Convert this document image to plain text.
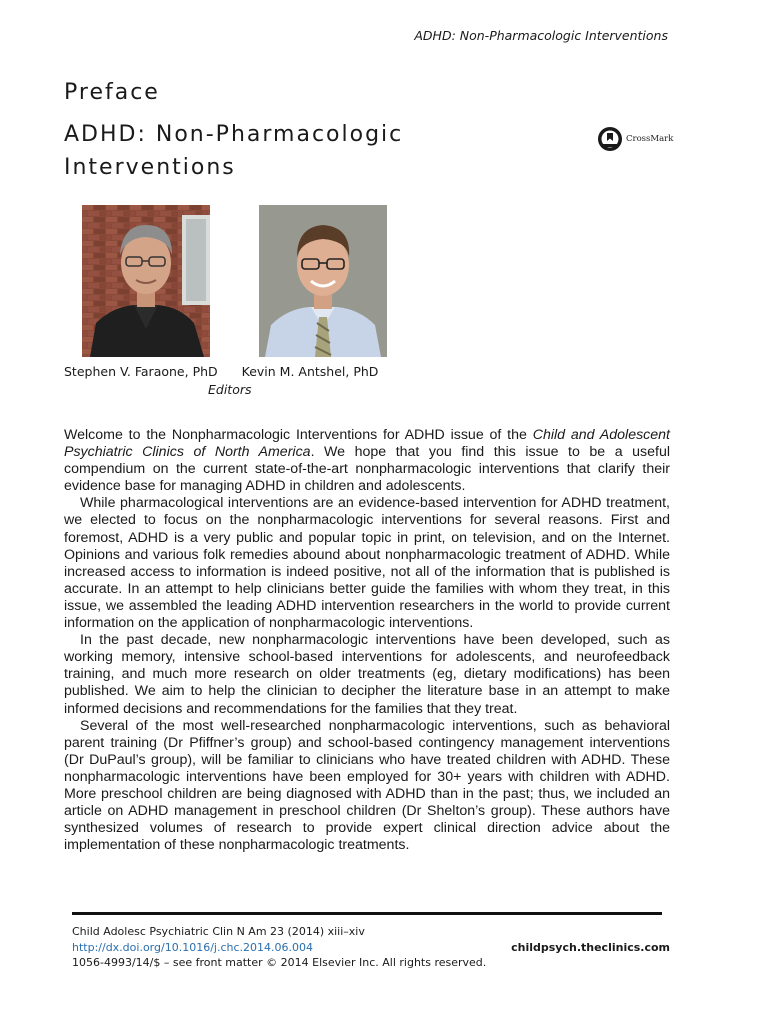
ADHD: Non-Pharmacologic Interventions
Preface
ADHD: Non-Pharmacologic Interventions
CrossMark
Stephen V. Faraone, PhD Kevin M. Antshel, PhD
Editors

Welcome to the Nonpharmacologic Interventions for ADHD issue of the Child and Adolescent Psychiatric Clinics of North America. We hope that you find this issue to be a useful compendium on the current state-of-the-art nonpharmacologic interventions that clarify their evidence base for managing ADHD in children and adolescents.

While pharmacological interventions are an evidence-based intervention for ADHD treatment, we elected to focus on the nonpharmacologic interventions for several reasons. First and foremost, ADHD is a very public and popular topic in print, on television, and on the Internet. Opinions and various folk remedies abound about nonpharmacologic treatment of ADHD. While increased access to information is indeed positive, not all of the information that is published is accurate. In an attempt to help clinicians better guide the families with whom they treat, in this issue, we assembled the leading ADHD intervention researchers in the world to provide current information on the application of nonpharmacologic interventions.

In the past decade, new nonpharmacologic interventions have been developed, such as working memory, intensive school-based interventions for adolescents, and neurofeedback training, and much more research on older treatments (eg, dietary modifications) has been published. We aim to help the clinician to decipher the literature base in an attempt to make informed decisions and recommendations for the families that they treat.

Several of the most well-researched nonpharmacologic interventions, such as behavioral parent training (Dr Pfiffner’s group) and school-based contingency management interventions (Dr DuPaul’s group), will be familiar to clinicians who have treated children with ADHD. These nonpharmacologic interventions have been employed for 30+ years with children with ADHD. More preschool children are being diagnosed with ADHD than in the past; thus, we included an article on ADHD management in preschool children (Dr Shelton’s group). These authors have synthesized volumes of research to provide expert clinical direction advice about the implementation of these nonpharmacologic treatments.

Child Adolesc Psychiatric Clin N Am 23 (2014) xiii–xiv
http://dx.doi.org/10.1016/j.chc.2014.06.004	childpsych.theclinics.com
1056-4993/14/$ – see front matter © 2014 Elsevier Inc. All rights reserved.
